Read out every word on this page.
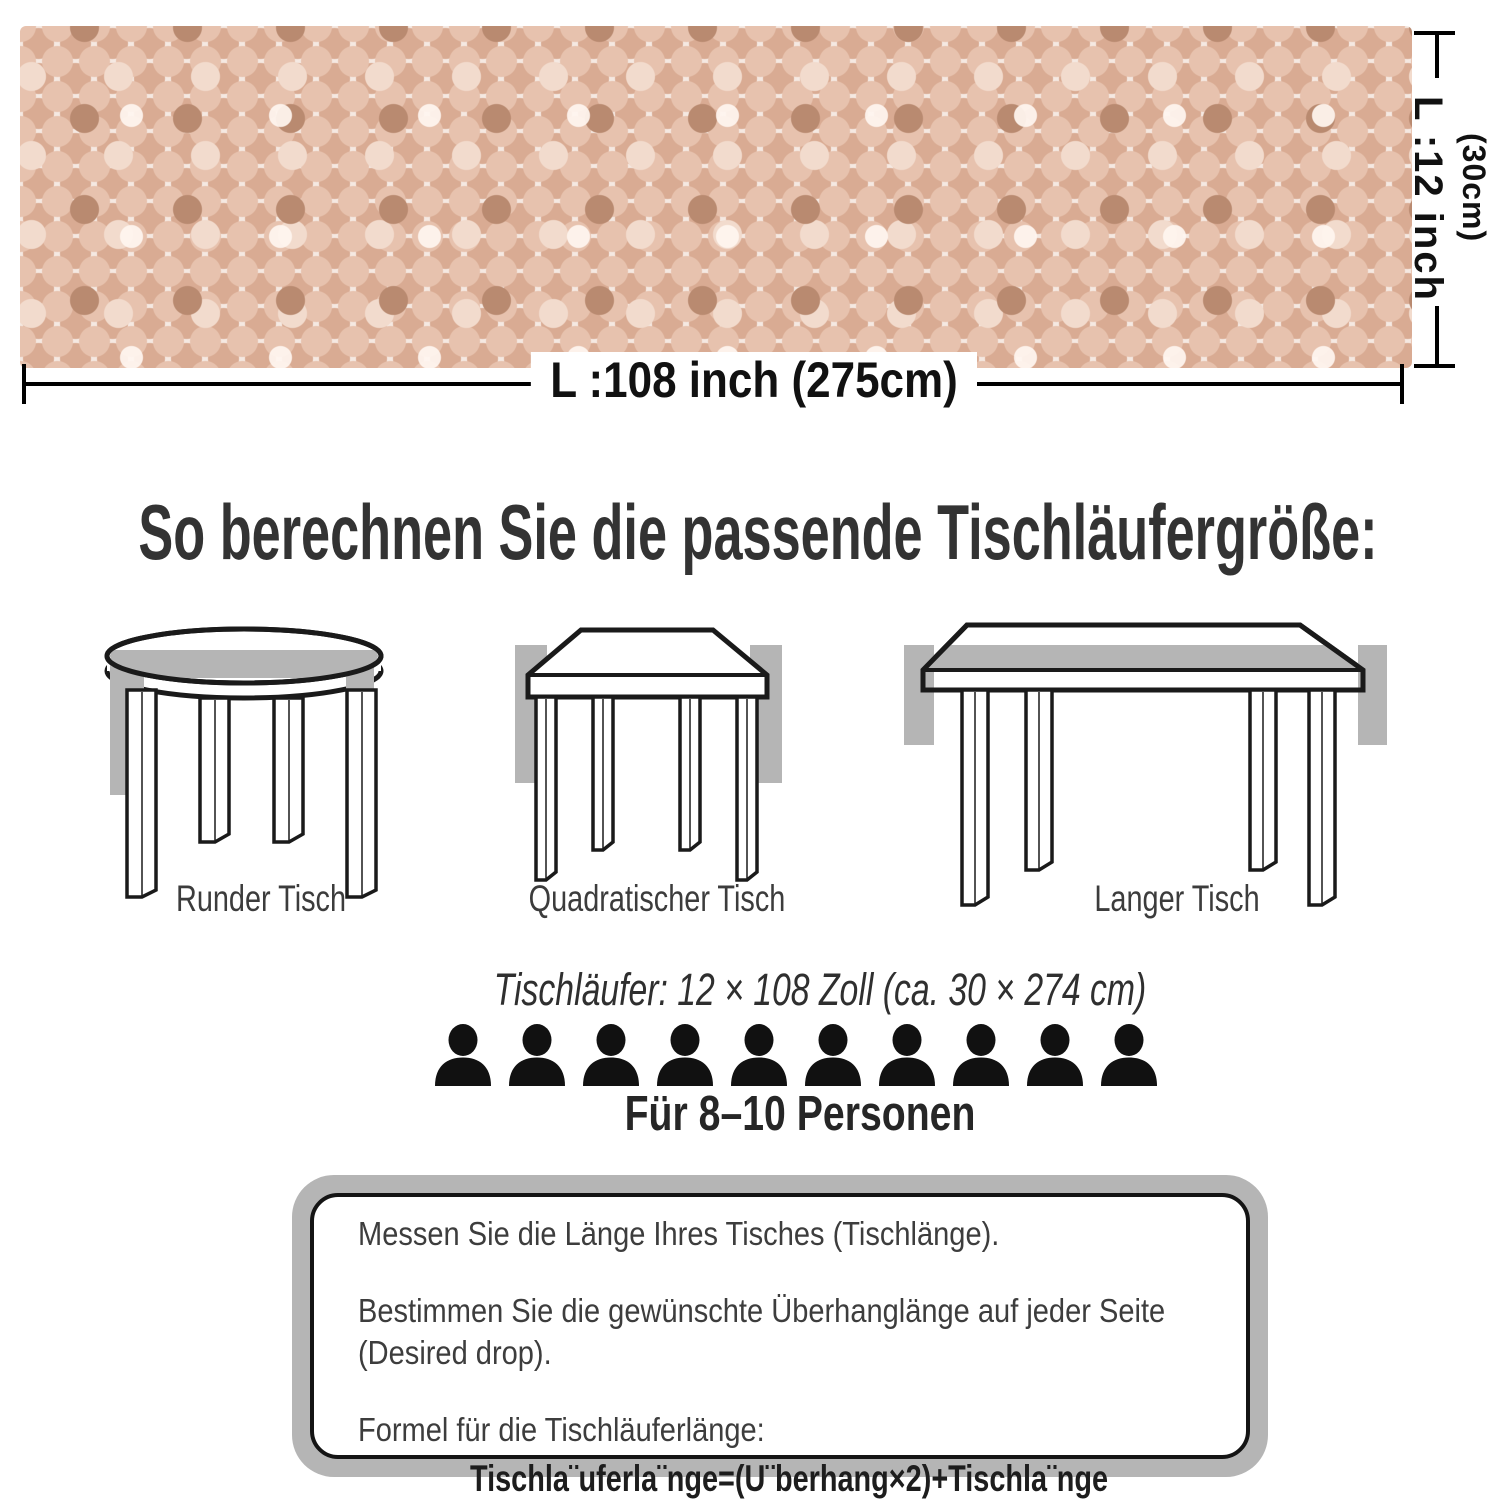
L :12 inch (30cm)
L :108 inch (275cm)
So berechnen Sie die passende Tischläufergröße:
Runder Tisch	Quadratischer Tisch	Langer Tisch
Tischläufer: 12 × 108 Zoll (ca. 30 × 274 cm)
Für 8–10 Personen

Messen Sie die Länge Ihres Tisches (Tischlänge).

Bestimmen Sie die gewünschte Überhanglänge auf jeder Seite (Desired drop).

Formel für die Tischläuferlänge:

Tischla¨uferla¨nge=(U¨berhang×2)+Tischla¨nge
